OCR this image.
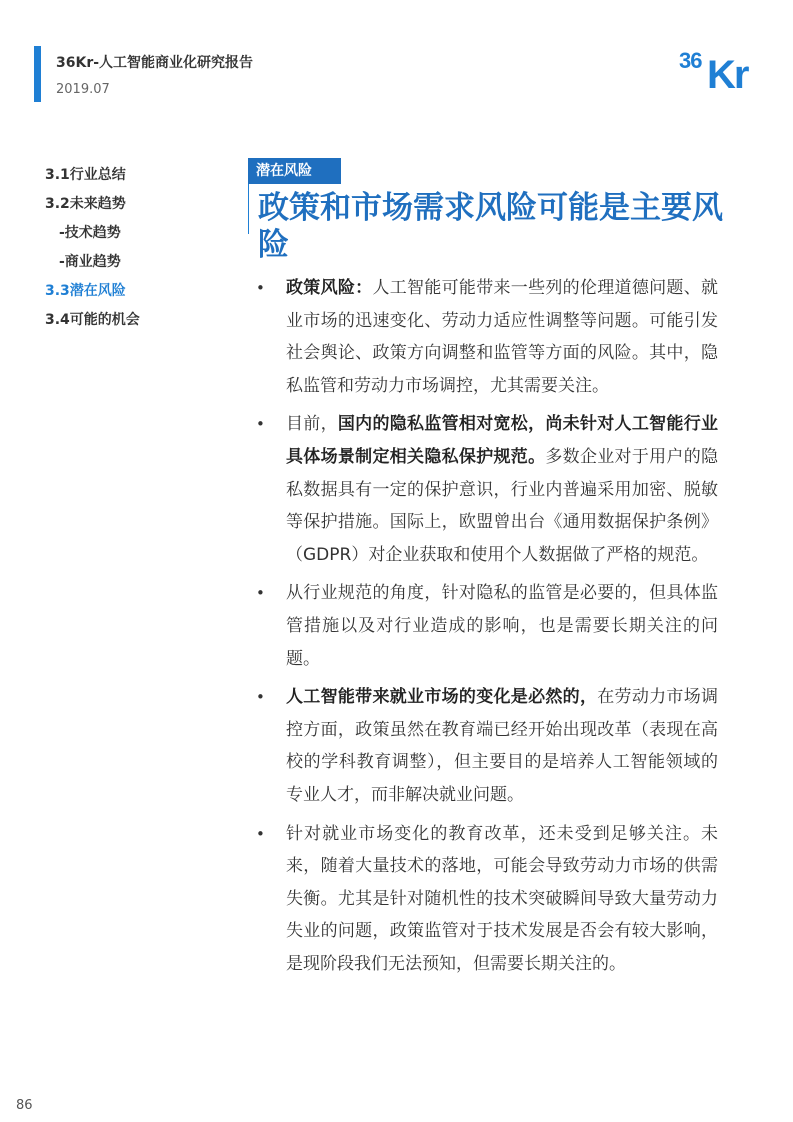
36Kr-人工智能商业化研究报告
2019.07
36 Kr
3.1行业总结
3.2未来趋势
-技术趋势
-商业趋势
3.3潜在风险
3.4可能的机会
潜在风险
政策和市场需求风险可能是主要风险
• 政策风险：人工智能可能带来一些列的伦理道德问题、就业市场的迅速变化、劳动力适应性调整等问题。可能引发社会舆论、政策方向调整和监管等方面的风险。其中，隐私监管和劳动力市场调控，尤其需要关注。
• 目前，国内的隐私监管相对宽松，尚未针对人工智能行业具体场景制定相关隐私保护规范。多数企业对于用户的隐私数据具有一定的保护意识，行业内普遍采用加密、脱敏等保护措施。国际上，欧盟曾出台《通用数据保护条例》（GDPR）对企业获取和使用个人数据做了严格的规范。
• 从行业规范的角度，针对隐私的监管是必要的，但具体监管措施以及对行业造成的影响，也是需要长期关注的问题。
• 人工智能带来就业市场的变化是必然的，在劳动力市场调控方面，政策虽然在教育端已经开始出现改革（表现在高校的学科教育调整），但主要目的是培养人工智能领域的专业人才，而非解决就业问题。
• 针对就业市场变化的教育改革，还未受到足够关注。未来，随着大量技术的落地，可能会导致劳动力市场的供需失衡。尤其是针对随机性的技术突破瞬间导致大量劳动力失业的问题，政策监管对于技术发展是否会有较大影响，是现阶段我们无法预知，但需要长期关注的。
86
